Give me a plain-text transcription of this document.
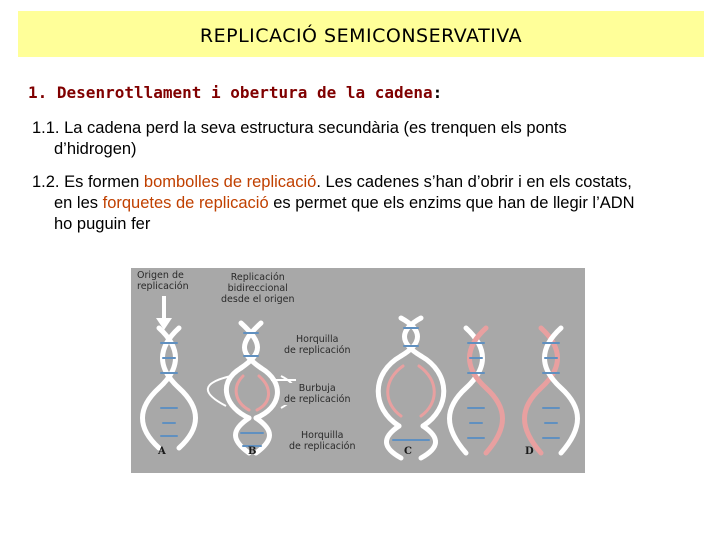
REPLICACIÓ SEMICONSERVATIVA
1. Desenrotllament i obertura de la cadena:
1.1. La cadena perd la seva estructura secundària (es trenquen els ponts
d’hidrogen)
1.2. Es formen bombolles de replicació. Les cadenes s’han d’obrir i en els costats,
en les forquetes de replicació es permet que els enzims que han de llegir l’ADN
ho puguin fer
Origen de
replicación
Replicación
bidireccional
desde el origen
Horquilla
de replicación
Burbuja
de replicación
Horquilla
de replicación
A	B	C	D
